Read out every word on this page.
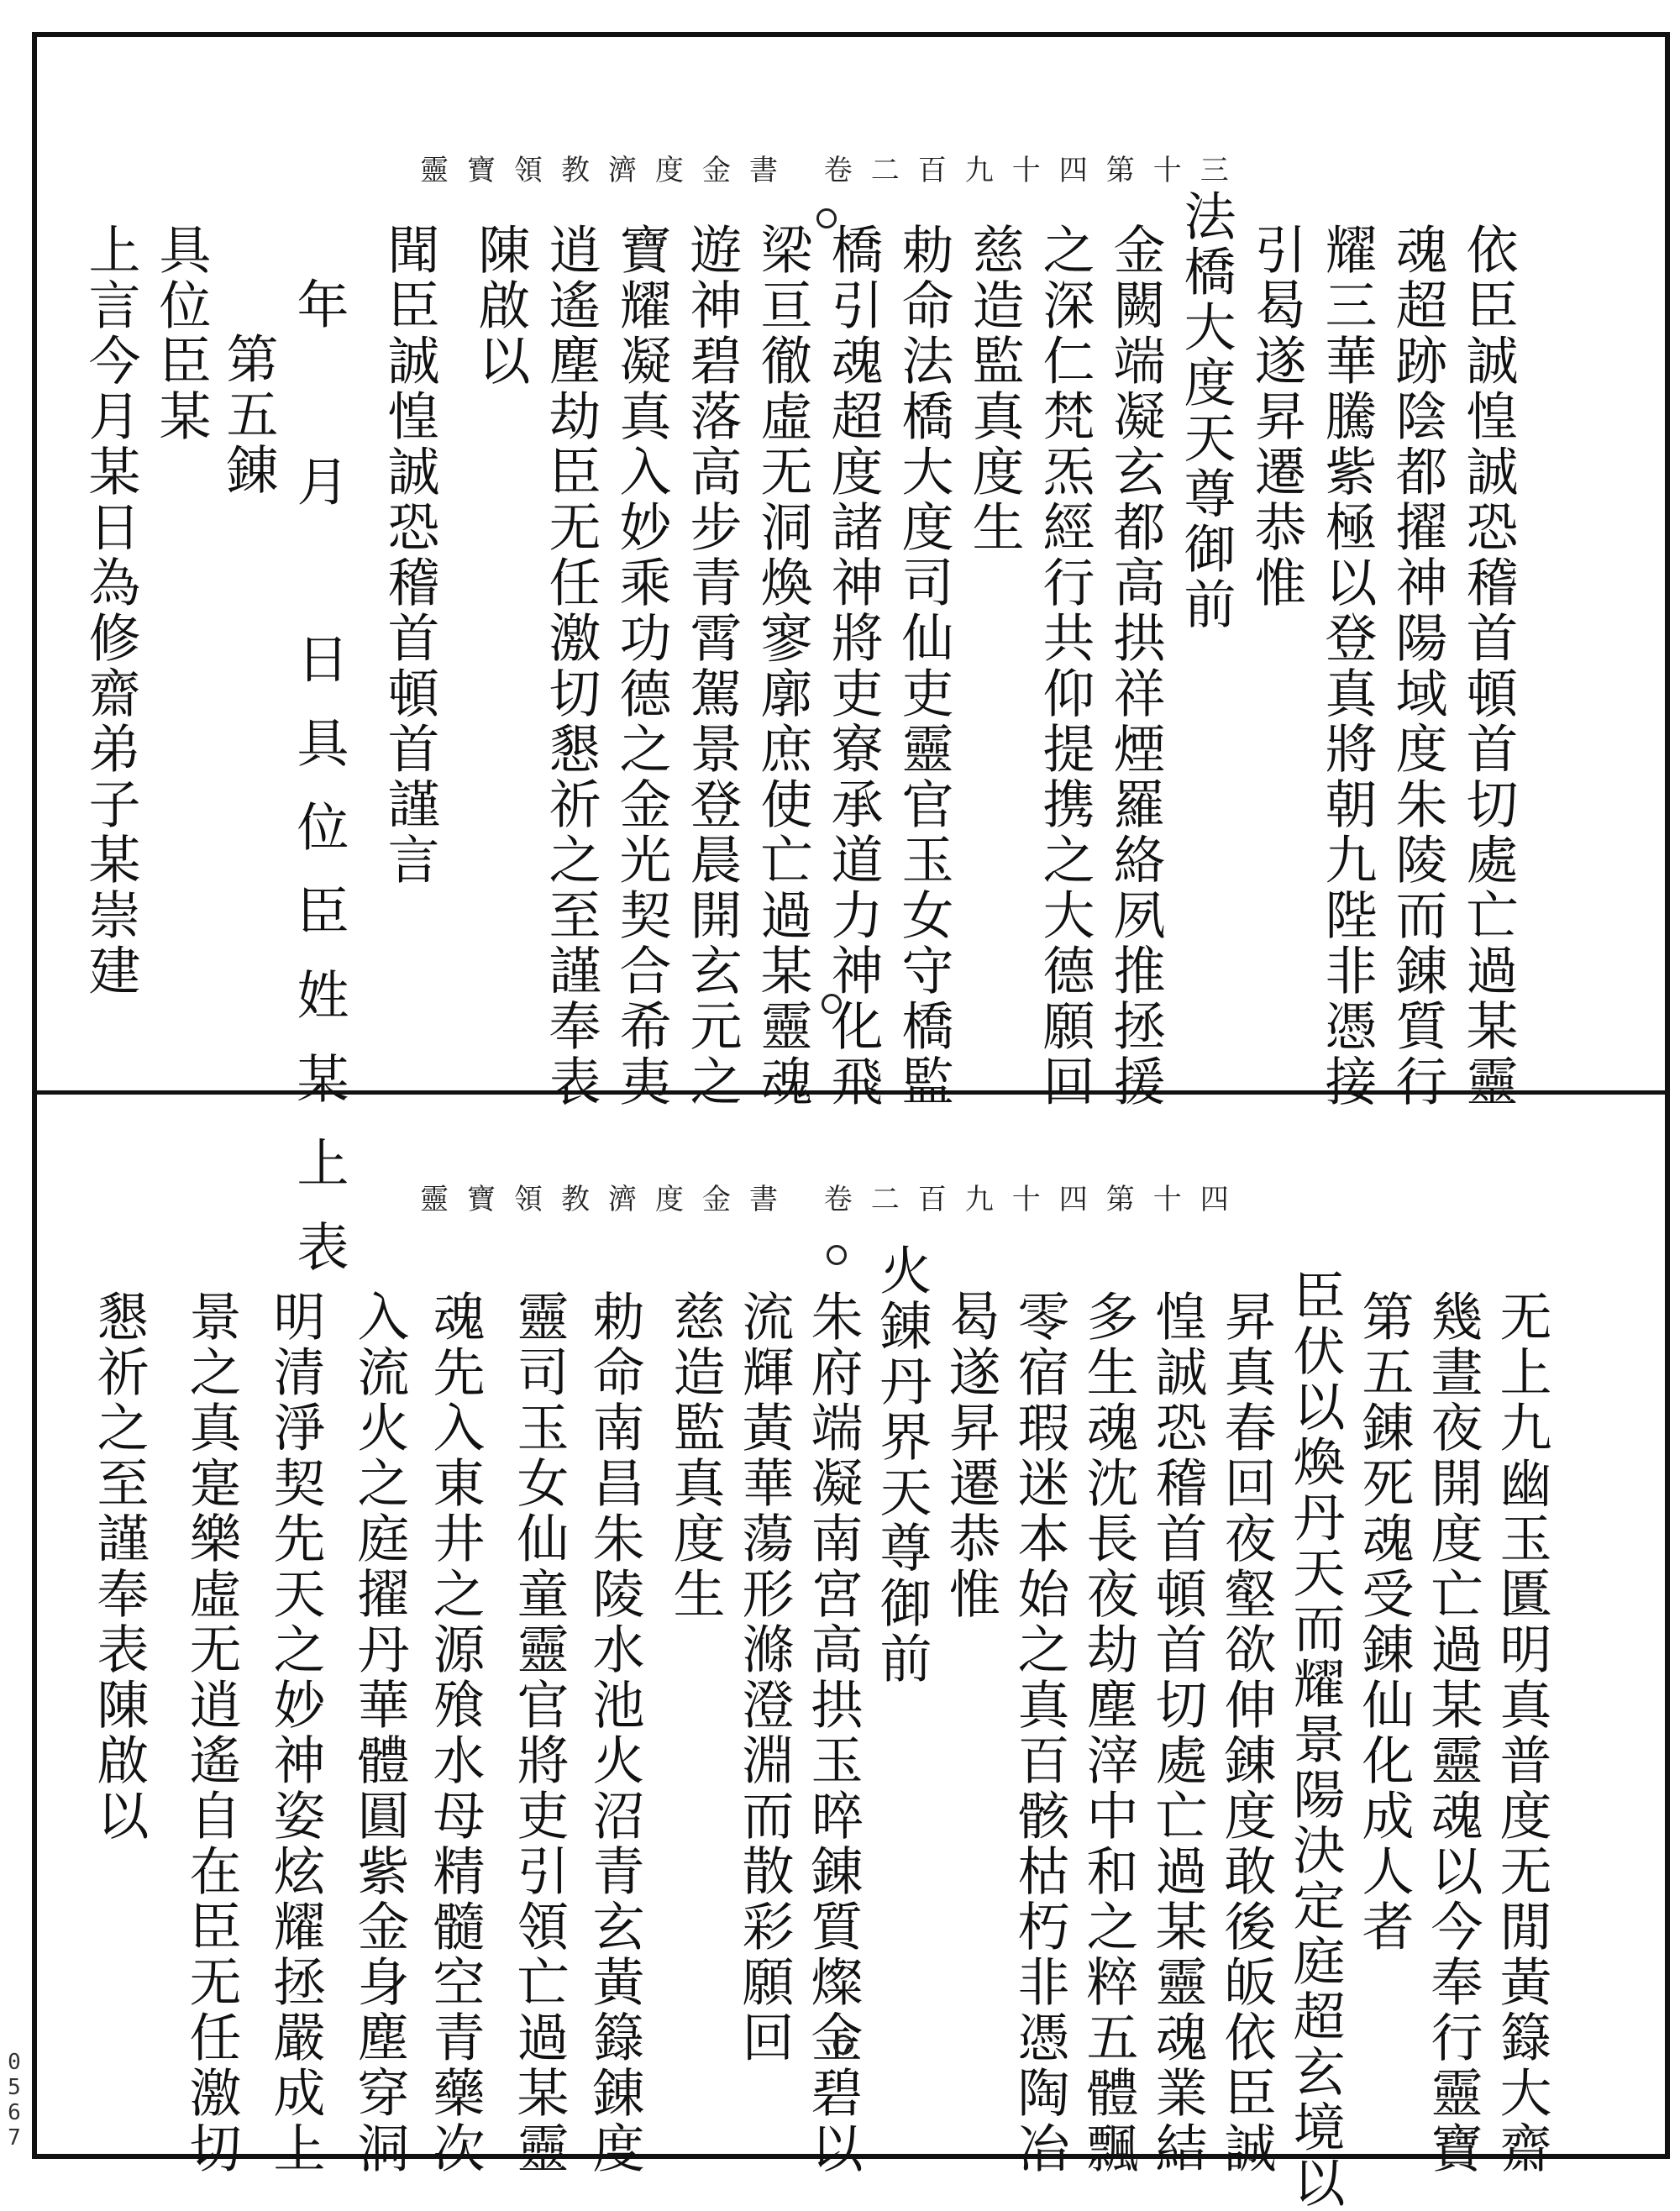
靈寶領教濟度金書 卷二百九十四第十三
依臣誠惶誠恐稽首頓首切處亡過某靈
魂超跡陰都擢神陽域度朱陵而錬質行
耀三華騰紫極以登真將朝九陛非憑接
引曷遂昇遷恭惟
法橋大度天尊御前
金闕端凝玄都高拱祥煙羅絡夙推拯援
之深仁梵炁經行共仰提携之大德願回
慈造監真度生
勅命法橋大度司仙吏靈官玉女守橋監
橋引魂超度諸神將吏寮承道力神化飛
梁亘徹虛无洞煥寥廓庶使亡過某靈魂
遊神碧落高步青霄駕景登晨開玄元之
寶耀凝真入妙乘功德之金光契合希夷
逍遙塵劫臣无任激切懇祈之至謹奉表
陳啟以
聞臣誠惶誠恐稽首頓首謹言
年 月 日具位臣姓某上表
第五錬
具位臣某
上言今月某日為修齋弟子某崇建
靈寶領教濟度金書 卷二百九十四第十四
无上九幽玉匱明真普度无閒黃籙大齋
幾晝夜開度亡過某靈魂以今奉行靈寶
第五錬死魂受錬仙化成人者
臣伏以煥丹天而耀景陽決定庭超玄境以
昇真春回夜壑欲伸錬度敢後皈依臣誠
惶誠恐稽首頓首切處亡過某靈魂業結
多生魂沈長夜劫塵滓中和之粹五體飄
零宿瑕迷本始之真百骸枯朽非憑陶冶
曷遂昇遷恭惟
火錬丹界天尊御前
朱府端凝南宮高拱玉晬錬質燦金碧以
流輝黃華蕩形滌澄淵而散彩願回
慈造監真度生
勅命南昌朱陵水池火沼青玄黃籙錬度
靈司玉女仙童靈官將吏引領亡過某靈
魂先入東井之源飱水母精髓空青藥次
入流火之庭擢丹華體圓紫金身塵穿洞
明清淨契先天之妙神姿炫耀拯嚴成上
景之真寔樂虛无逍遙自在臣无任激切
懇祈之至謹奉表陳啟以
0567
